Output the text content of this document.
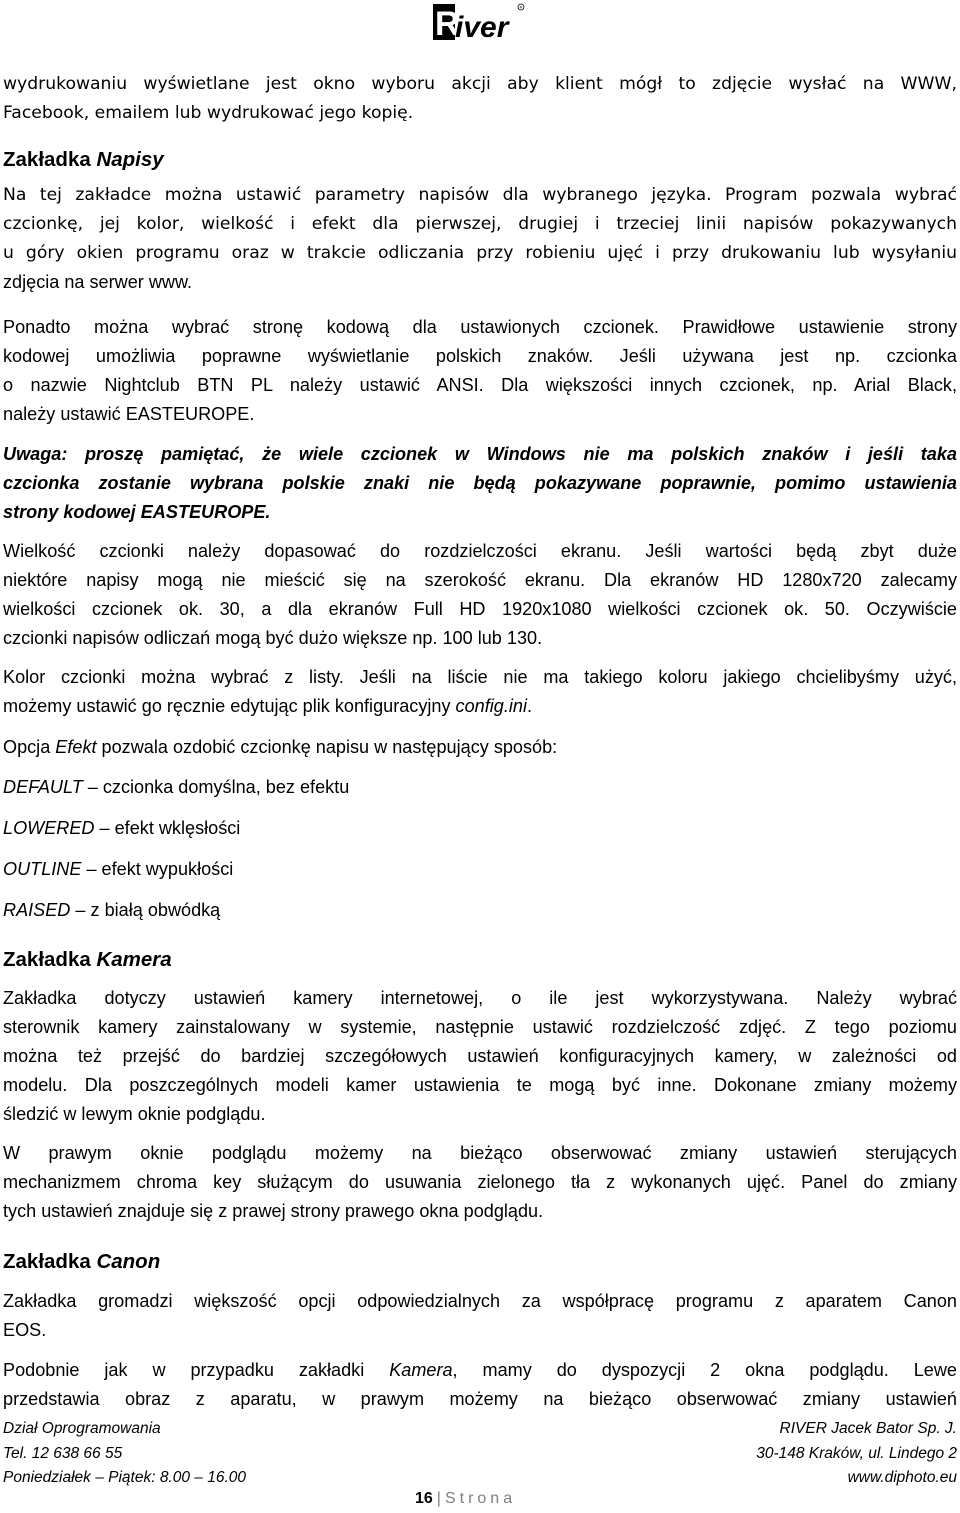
R
iver
R
wydrukowaniu wyświetlane jest okno wyboru akcji aby klient mógł to zdjęcie wysłać na WWW,
Facebook, emailem lub wydrukować jego kopię.
Zakładka Napisy
Na tej zakładce można ustawić parametry napisów dla wybranego języka. Program pozwala wybrać
czcionkę, jej kolor, wielkość i efekt dla pierwszej, drugiej i trzeciej linii napisów pokazywanych
u góry okien programu oraz w trakcie odliczania przy robieniu ujęć i przy drukowaniu lub wysyłaniu
zdjęcia na serwer www.
Ponadto można wybrać stronę kodową dla ustawionych czcionek. Prawidłowe ustawienie strony
kodowej umożliwia poprawne wyświetlanie polskich znaków. Jeśli używana jest np. czcionka
o nazwie Nightclub BTN PL należy ustawić ANSI. Dla większości innych czcionek, np. Arial Black,
należy ustawić EASTEUROPE.
Uwaga: proszę pamiętać, że wiele czcionek w Windows nie ma polskich znaków i jeśli taka
czcionka zostanie wybrana polskie znaki nie będą pokazywane poprawnie, pomimo ustawienia
strony kodowej EASTEUROPE.
Wielkość czcionki należy dopasować do rozdzielczości ekranu. Jeśli wartości będą zbyt duże
niektóre napisy mogą nie mieścić się na szerokość ekranu. Dla ekranów HD 1280x720 zalecamy
wielkości czcionek ok. 30, a dla ekranów Full HD 1920x1080 wielkości czcionek ok. 50. Oczywiście
czcionki napisów odliczań mogą być dużo większe np. 100 lub 130.
Kolor czcionki można wybrać z listy. Jeśli na liście nie ma takiego koloru jakiego chcielibyśmy użyć,
możemy ustawić go ręcznie edytując plik konfiguracyjny config.ini.
Opcja Efekt pozwala ozdobić czcionkę napisu w następujący sposób:
DEFAULT – czcionka domyślna, bez efektu
LOWERED – efekt wklęsłości
OUTLINE – efekt wypukłości
RAISED – z białą obwódką
Zakładka Kamera
Zakładka dotyczy ustawień kamery internetowej, o ile jest wykorzystywana. Należy wybrać
sterownik kamery zainstalowany w systemie, następnie ustawić rozdzielczość zdjęć. Z tego poziomu
można też przejść do bardziej szczegółowych ustawień konfiguracyjnych kamery, w zależności od
modelu. Dla poszczególnych modeli kamer ustawienia te mogą być inne. Dokonane zmiany możemy
śledzić w lewym oknie podglądu.
W prawym oknie podglądu możemy na bieżąco obserwować zmiany ustawień sterujących
mechanizmem chroma key służącym do usuwania zielonego tła z wykonanych ujęć. Panel do zmiany
tych ustawień znajduje się z prawej strony prawego okna podglądu.
Zakładka Canon
Zakładka gromadzi większość opcji odpowiedzialnych za współpracę programu z aparatem Canon
EOS.
Podobnie jak w przypadku zakładki Kamera, mamy do dyspozycji 2 okna podglądu. Lewe
przedstawia obraz z aparatu, w prawym możemy na bieżąco obserwować zmiany ustawień
Dział Oprogramowania	RIVER Jacek Bator Sp. J.
Tel. 12 638 66 55	30-148 Kraków, ul. Lindego 2
Poniedziałek – Piątek: 8.00 – 16.00	www.diphoto.eu
16 | Strona
